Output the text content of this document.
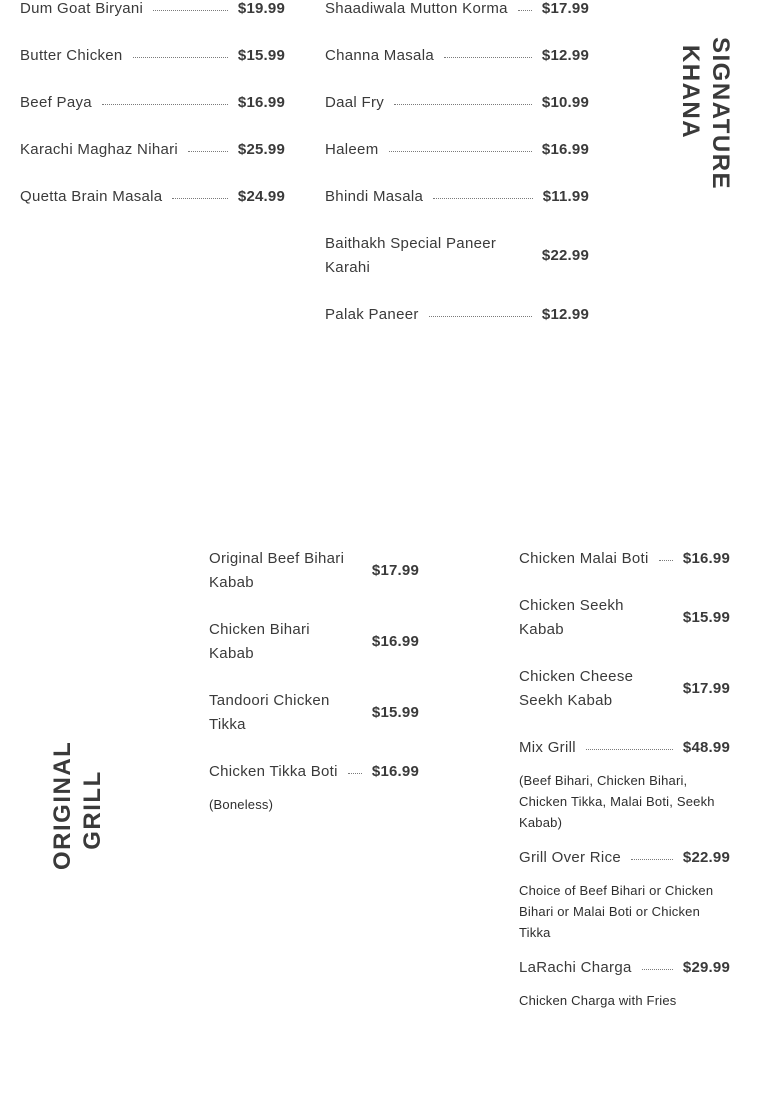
SIGNATURE
KHANA
Dum Goat Biryani	$19.99
Butter Chicken	$15.99
Beef Paya	$16.99
Karachi Maghaz Nihari	$25.99
Quetta Brain Masala	$24.99
Shaadiwala Mutton Korma $17.99
Channa Masala	$12.99
Daal Fry	$10.99
Haleem	$16.99
Bhindi Masala	$11.99
Baithakh Special Paneer Karahi
$22.99
Palak Paneer	$12.99
ORIGINAL GRILL
Original Beef Bihari Kabab
$17.99
Chicken Bihari Kabab
$16.99
Tandoori Chicken Tikka
$15.99
Chicken Tikka Boti $16.99
(Boneless)
Chicken Malai Boti $16.99
Chicken Seekh Kabab
$15.99
Chicken Cheese Seekh Kabab
$17.99
Mix Grill	$48.99
(Beef Bihari, Chicken Bihari, Chicken Tikka, Malai Boti, Seekh Kabab)
Grill Over Rice	$22.99
Choice of Beef Bihari or Chicken Bihari or Malai Boti or Chicken Tikka
LaRachi Charga	$29.99
Chicken Charga with Fries
